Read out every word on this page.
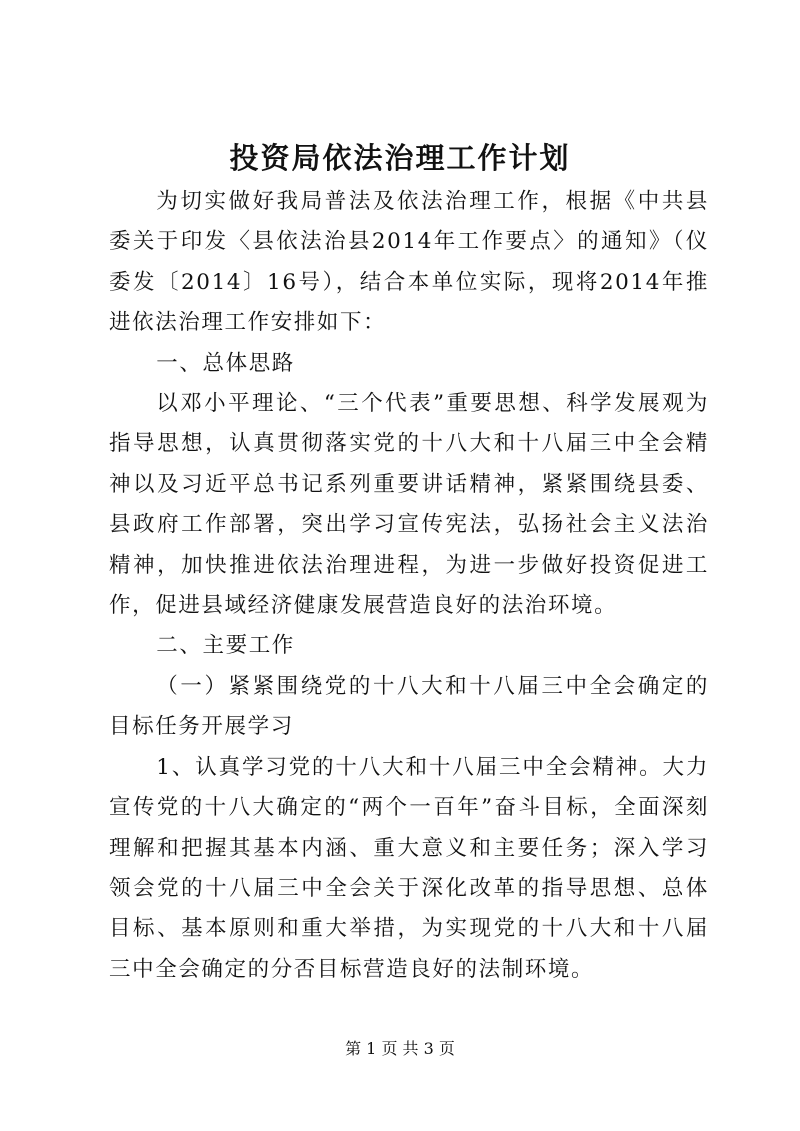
投资局依法治理工作计划

为切实做好我局普法及依法治理工作，根据《中共县委关于印发〈县依法治县2014年工作要点〉的通知》（仪委发〔2014〕16号），结合本单位实际，现将2014年推进依法治理工作安排如下：

一、总体思路

以邓小平理论、“三个代表”重要思想、科学发展观为指导思想，认真贯彻落实党的十八大和十八届三中全会精神以及习近平总书记系列重要讲话精神，紧紧围绕县委、县政府工作部署，突出学习宣传宪法，弘扬社会主义法治精神，加快推进依法治理进程，为进一步做好投资促进工作，促进县域经济健康发展营造良好的法治环境。

二、主要工作

（一）紧紧围绕党的十八大和十八届三中全会确定的目标任务开展学习

1、认真学习党的十八大和十八届三中全会精神。大力宣传党的十八大确定的“两个一百年”奋斗目标，全面深刻理解和把握其基本内涵、重大意义和主要任务；深入学习领会党的十八届三中全会关于深化改革的指导思想、总体目标、基本原则和重大举措，为实现党的十八大和十八届三中全会确定的分否目标营造良好的法制环境。

第 1 页 共 3 页
